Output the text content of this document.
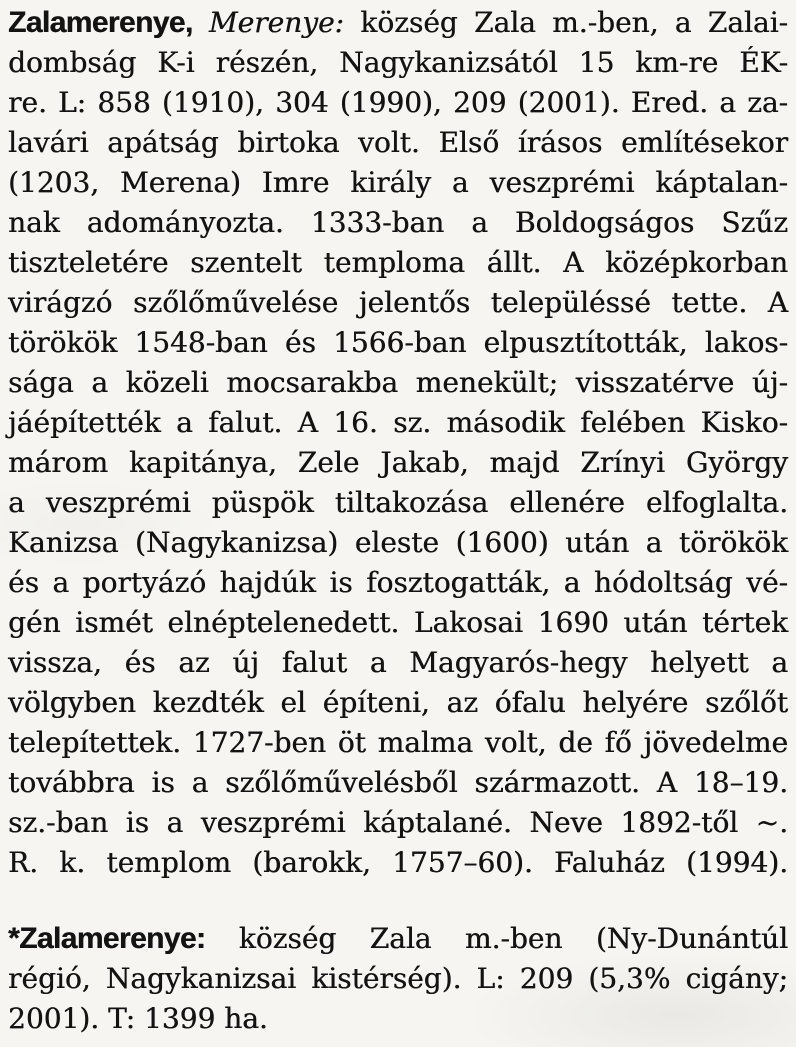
Zalamerenye, Merenye: község Zala m.-ben, a Zalai-
dombság K-i részén, Nagykanizsától 15 km-re ÉK-
re. L: 858 (1910), 304 (1990), 209 (2001). Ered. a za-
lavári apátság birtoka volt. Első írásos említésekor
(1203, Merena) Imre király a veszprémi káptalan-
nak adományozta. 1333-ban a Boldogságos Szűz
tiszteletére szentelt temploma állt. A középkorban
virágzó szőlőművelése jelentős településsé tette. A
törökök 1548-ban és 1566-ban elpusztították, lakos-
sága a közeli mocsarakba menekült; visszatérve új-
jáépítették a falut. A 16. sz. második felében Kisko-
márom kapitánya, Zele Jakab, majd Zrínyi György
a veszprémi püspök tiltakozása ellenére elfoglalta.
Kanizsa (Nagykanizsa) eleste (1600) után a törökök
és a portyázó hajdúk is fosztogatták, a hódoltság vé-
gén ismét elnéptelenedett. Lakosai 1690 után tértek
vissza, és az új falut a Magyarós-hegy helyett a
völgyben kezdték el építeni, az ófalu helyére szőlőt
telepítettek. 1727-ben öt malma volt, de fő jövedelme
továbbra is a szőlőművelésből származott. A 18–19.
sz.-ban is a veszprémi káptalané. Neve 1892-től ~.
R. k. templom (barokk, 1757–60). Faluház (1994).
*Zalamerenye: község Zala m.-ben (Ny-Dunántúl
régió, Nagykanizsai kistérség). L: 209 (5,3% cigány;
2001). T: 1399 ha.
